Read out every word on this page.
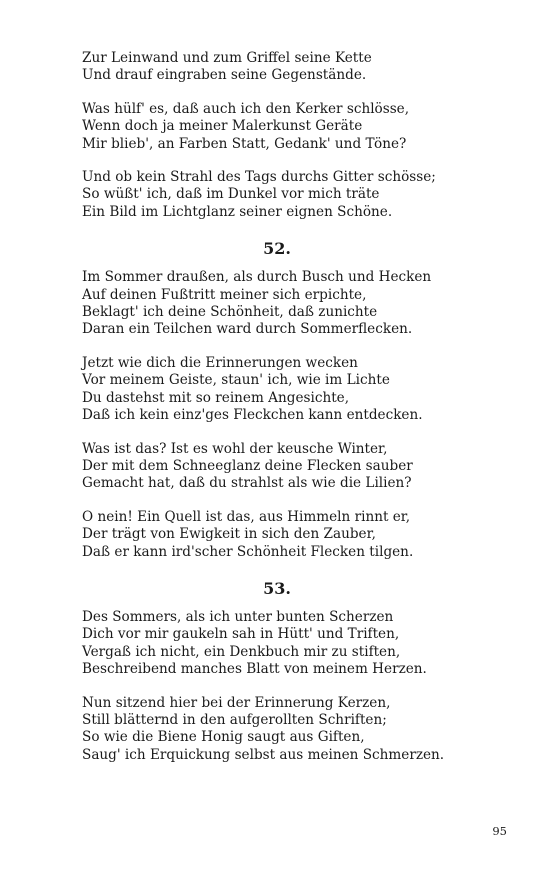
Zur Leinwand und zum Griffel seine Kette
Und drauf eingraben seine Gegenstände.
Was hülf' es, daß auch ich den Kerker schlösse,
Wenn doch ja meiner Malerkunst Geräte
Mir blieb', an Farben Statt, Gedank' und Töne?
Und ob kein Strahl des Tags durchs Gitter schösse;
So wüßt' ich, daß im Dunkel vor mich träte
Ein Bild im Lichtglanz seiner eignen Schöne.
52.
Im Sommer draußen, als durch Busch und Hecken
Auf deinen Fußtritt meiner sich erpichte,
Beklagt' ich deine Schönheit, daß zunichte
Daran ein Teilchen ward durch Sommerflecken.
Jetzt wie dich die Erinnerungen wecken
Vor meinem Geiste, staun' ich, wie im Lichte
Du dastehst mit so reinem Angesichte,
Daß ich kein einz'ges Fleckchen kann entdecken.
Was ist das? Ist es wohl der keusche Winter,
Der mit dem Schneeglanz deine Flecken sauber
Gemacht hat, daß du strahlst als wie die Lilien?
O nein! Ein Quell ist das, aus Himmeln rinnt er,
Der trägt von Ewigkeit in sich den Zauber,
Daß er kann ird'scher Schönheit Flecken tilgen.
53.
Des Sommers, als ich unter bunten Scherzen
Dich vor mir gaukeln sah in Hütt' und Triften,
Vergaß ich nicht, ein Denkbuch mir zu stiften,
Beschreibend manches Blatt von meinem Herzen.
Nun sitzend hier bei der Erinnerung Kerzen,
Still blätternd in den aufgerollten Schriften;
So wie die Biene Honig saugt aus Giften,
Saug' ich Erquickung selbst aus meinen Schmerzen.
95
